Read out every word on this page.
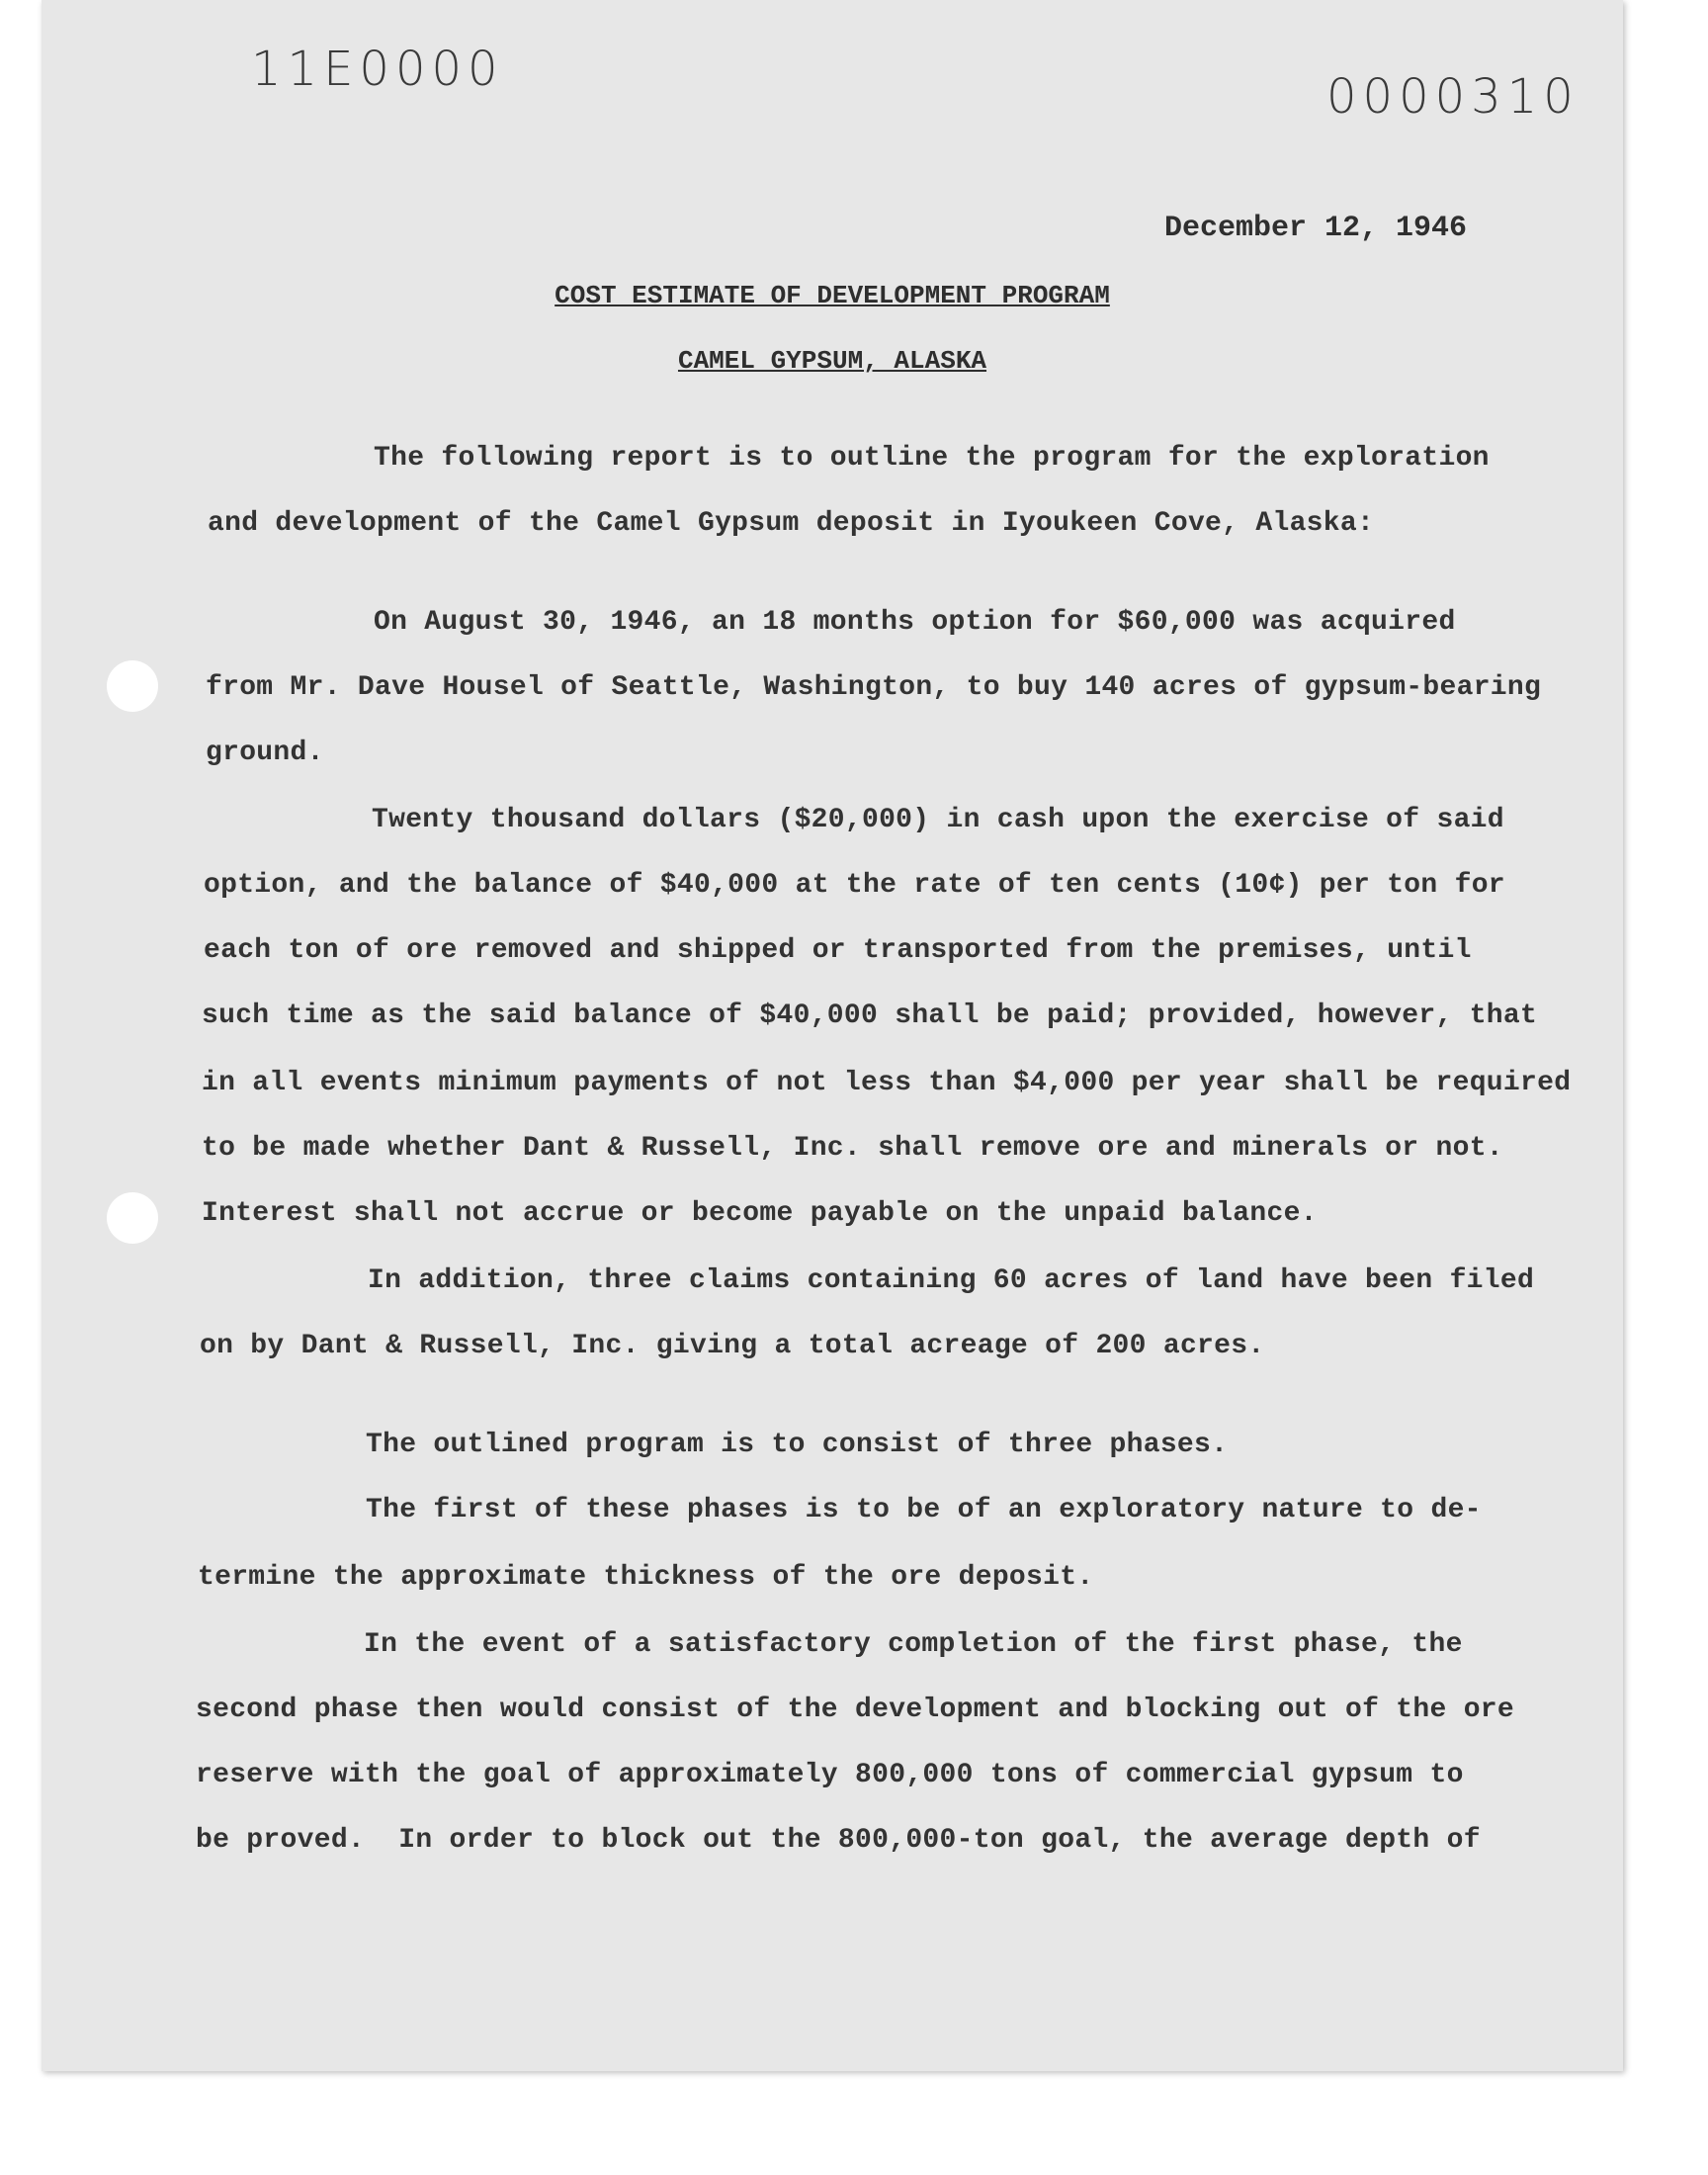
11E0000	0000310
December 12, 1946
COST ESTIMATE OF DEVELOPMENT PROGRAM
CAMEL GYPSUM, ALASKA
The following report is to outline the program for the exploration
and development of the Camel Gypsum deposit in Iyoukeen Cove, Alaska:
On August 30, 1946, an 18 months option for $60,000 was acquired
from Mr. Dave Housel of Seattle, Washington, to buy 140 acres of gypsum-bearing
ground.
Twenty thousand dollars ($20,000) in cash upon the exercise of said
option, and the balance of $40,000 at the rate of ten cents (10¢) per ton for
each ton of ore removed and shipped or transported from the premises, until
such time as the said balance of $40,000 shall be paid; provided, however, that
in all events minimum payments of not less than $4,000 per year shall be required
to be made whether Dant & Russell, Inc. shall remove ore and minerals or not.
Interest shall not accrue or become payable on the unpaid balance.
In addition, three claims containing 60 acres of land have been filed
on by Dant & Russell, Inc. giving a total acreage of 200 acres.
The outlined program is to consist of three phases.
The first of these phases is to be of an exploratory nature to de-
termine the approximate thickness of the ore deposit.
In the event of a satisfactory completion of the first phase, the
second phase then would consist of the development and blocking out of the ore
reserve with the goal of approximately 800,000 tons of commercial gypsum to
be proved.  In order to block out the 800,000-ton goal, the average depth of
